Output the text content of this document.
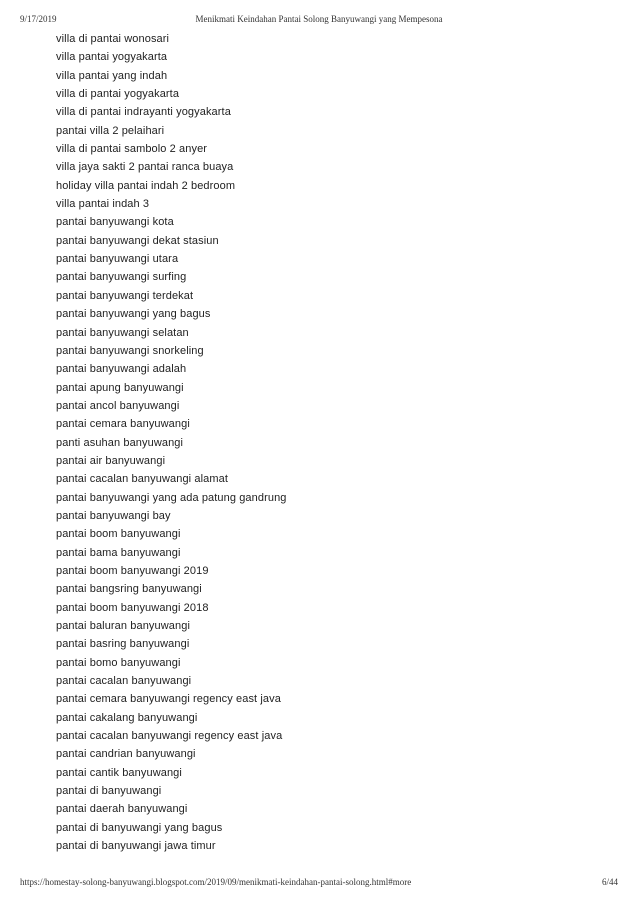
9/17/2019	Menikmati Keindahan Pantai Solong Banyuwangi yang Mempesona
villa di pantai wonosari
villa pantai yogyakarta
villa pantai yang indah
villa di pantai yogyakarta
villa di pantai indrayanti yogyakarta
pantai villa 2 pelaihari
villa di pantai sambolo 2 anyer
villa jaya sakti 2 pantai ranca buaya
holiday villa pantai indah 2 bedroom
villa pantai indah 3
pantai banyuwangi kota
pantai banyuwangi dekat stasiun
pantai banyuwangi utara
pantai banyuwangi surfing
pantai banyuwangi terdekat
pantai banyuwangi yang bagus
pantai banyuwangi selatan
pantai banyuwangi snorkeling
pantai banyuwangi adalah
pantai apung banyuwangi
pantai ancol banyuwangi
pantai cemara banyuwangi
panti asuhan banyuwangi
pantai air banyuwangi
pantai cacalan banyuwangi alamat
pantai banyuwangi yang ada patung gandrung
pantai banyuwangi bay
pantai boom banyuwangi
pantai bama banyuwangi
pantai boom banyuwangi 2019
pantai bangsring banyuwangi
pantai boom banyuwangi 2018
pantai baluran banyuwangi
pantai basring banyuwangi
pantai bomo banyuwangi
pantai cacalan banyuwangi
pantai cemara banyuwangi regency east java
pantai cakalang banyuwangi
pantai cacalan banyuwangi regency east java
pantai candrian banyuwangi
pantai cantik banyuwangi
pantai di banyuwangi
pantai daerah banyuwangi
pantai di banyuwangi yang bagus
pantai di banyuwangi jawa timur
https://homestay-solong-banyuwangi.blogspot.com/2019/09/menikmati-keindahan-pantai-solong.html#more	6/44
